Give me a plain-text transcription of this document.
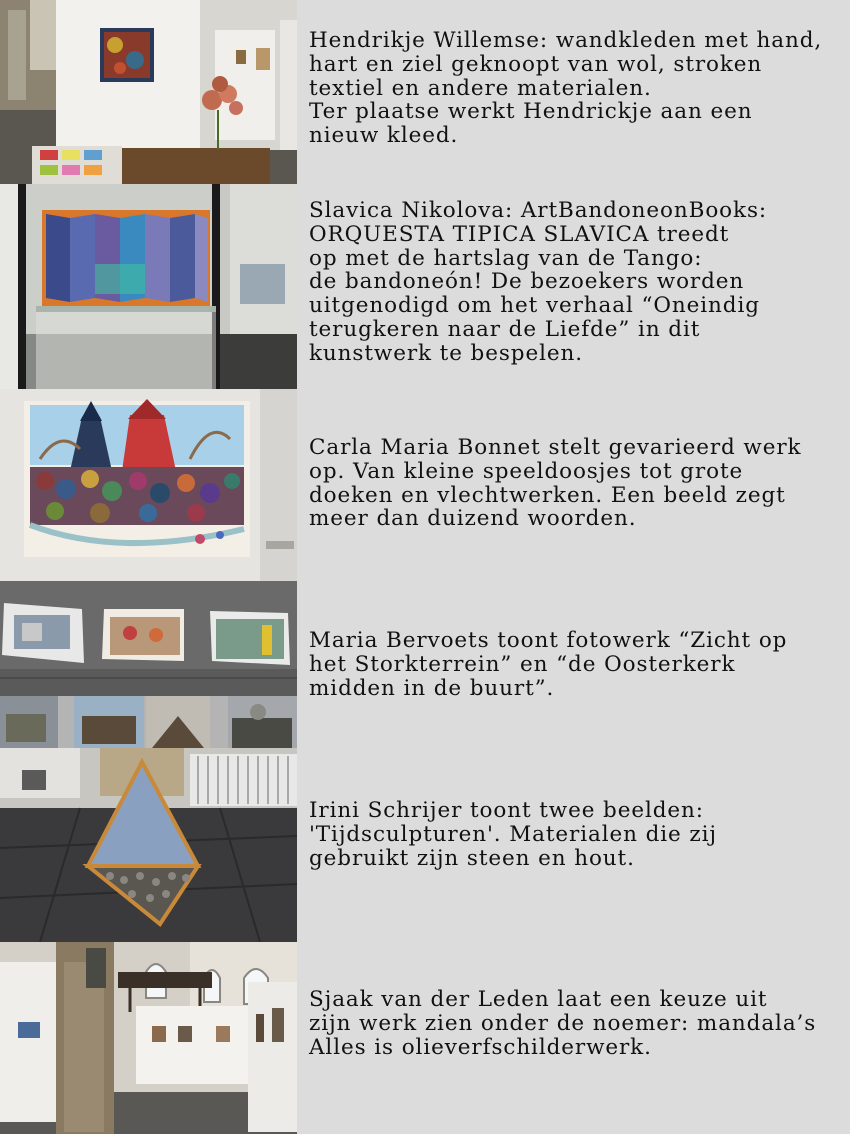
Hendrikje Willemse: wandkleden met hand,
hart en ziel geknoopt van wol, stroken
textiel en andere materialen.
Ter plaatse werkt Hendrickje aan een
nieuw kleed.

Slavica Nikolova: ArtBandoneonBooks:
ORQUESTA TIPICA SLAVICA treedt
op met de hartslag van de Tango:
de bandoneón! De bezoekers worden
uitgenodigd om het verhaal “Oneindig
terugkeren naar de Liefde” in dit
kunstwerk te bespelen.

Carla Maria Bonnet stelt gevarieerd werk
op. Van kleine speeldoosjes tot grote
doeken en vlechtwerken. Een beeld zegt
meer dan duizend woorden.

Maria Bervoets toont fotowerk “Zicht op
het Storkterrein” en “de Oosterkerk
midden in de buurt”.

Irini Schrijer toont twee beelden:
'Tijdsculpturen'. Materialen die zij
gebruikt zijn steen en hout.

Sjaak van der Leden laat een keuze uit
zijn werk zien onder de noemer: mandala’s
Alles is olieverfschilderwerk.
